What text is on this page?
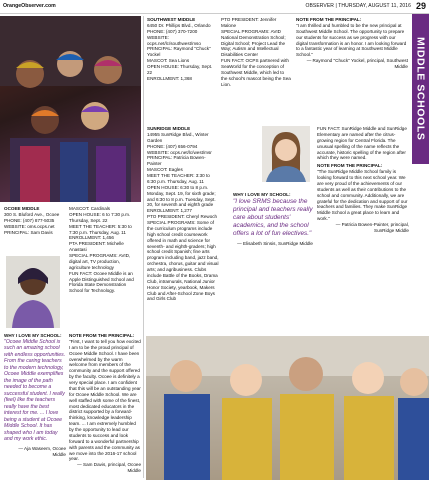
OrangeObserver.com	OBSERVER | THURSDAY, AUGUST 11, 2016 29
MIDDLE SCHOOLS

OCOEE MIDDLE

300 S. Bluford Ave., Ocoee

PHONE: (407) 877-5035

WEBSITE: oms.ocps.net

PRINCIPAL: Sam Davis

MASCOT: Cardinals

OPEN HOUSE: 6 to 7:30 p.m. Thursday, Sept. 22

MEET THE TEACHER: 5:30 to 7:30 p.m. Thursday, Aug. 11

ENROLLMENT: 1,456

PTA PRESIDENT: Michelle Anastasi

SPECIAL PROGRAMS: AVID, digital art, TV production, agriculture technology

FUN FACT: Ocoee Middle is an Apple Distinguished School and Florida State Demonstration School for Technology.

WHY I LOVE MY SCHOOL:

"Ocoee Middle School is such an amazing school with endless opportunities. From the caring teachers to the modern technology, Ocoee Middle exemplifies the image of the path needed to become a successful student. I really (feel) like the teachers really have the best interest for me. ... I love being a student at Ocoee Middle School. It has shaped who I am today and my work ethic.

— Aja Waseem, Ocoee Middle

NOTE FROM THE PRINCIPAL:

"First, I want to tell you how excited I am to be the proud principal of Ocoee Middle School. I have been overwhelmed by the warm welcome from members of the community and the support offered by the faculty. Ocoee is definitely a very special place. I am confident that this will be an outstanding year for Ocoee Middle School. We are well staffed with some of the finest, most dedicated educators in the district supported by a forward-thinking, knowledge leadership team. ... I am extremely humbled by the opportunity to lead our students to success and look forward to a wonderful partnership with parents and the community as we move into the 2016-17 school year.

— Sam Davis, principal, Ocoee Middle

SOUTHWEST MIDDLE

6450 Dr. Phillips Blvd., Orlando

PHONE: (407) 370-7200

WEBSITE: ocps.net/lc/southwest/mso

PRINCIPAL: Raymond "Chuck" Yockel

MASCOT: Sea Lions

OPEN HOUSE: Thursday, Sept. 22

ENROLLMENT: 1,368

PTO PRESIDENT: Jennifer Malone

SPECIAL PROGRAMS: AVID National Demonstration School; Digital School; Project Lead the Way; Autism and Intellectual Disabilities Center

FUN FACT: OCPS partnered with SeaWorld for the conception of Southwest Middle, which led to the school's mascot being the Sea Lion.

NOTE FROM THE PRINCIPAL:

"I am thrilled and humbled to be the new principal at Southwest Middle School. The opportunity to prepare our students for success as we progress with our digital transformation is an honor. I am looking forward to a fantastic year of learning at Southwest Middle School."

— Raymond "Chuck" Yockel, principal, Southwest Middle

SUNRIDGE MIDDLE

14955 SunRidge Blvd., Winter Garden

PHONE: (407) 656-0794

WEBSITE: ocps.net/lc/west/msr

PRINCIPAL: Patricia Bowen-Painter

MASCOT: Eagles

MEET THE TEACHER: 3:30 to 6:30 p.m. Thursday, Aug. 11

OPEN HOUSE: 6:30 to 8 p.m. Monday, Sept. 19, for sixth grade; and 6:30 to 8 p.m. Tuesday, Sept. 20, for seventh and eighth grade

ENROLLMENT: 1,277

PTO PRESIDENT: Cheryl Rewoch

SPECIAL PROGRAMS: Some of the curriculum programs include high school credit coursework offered in math and science for seventh- and eighth-graders; high school credit Spanish; fine arts program including band, jazz band, orchestra, chorus, guitar and visual arts; and agribusiness. Clubs include Battle of the Books, Drama Club, intramurals, National Junior Honor Society, yearbook, Makers Club and After-School Zone Boys and Girls Club

WHY I LOVE MY SCHOOL:

"I love SRMS because the principal and teachers really care about students' academics, and the school offers a lot of fun electives."

— Elisabeth Sinsis, SunRidge Middle

FUN FACT: SunRidge Middle and SunRidge Elementary are named after the citrus-growing region for Central Florida. The unusual spelling of the name reflects the accurate, historic spelling of the region after which they were named.

NOTE FROM THE PRINCIPAL:

"The SunRidge Middle School family is looking forward to this next school year. We are very proud of the achievements of our students as well as their contributions to the school and community. Additionally, we are grateful for the dedication and support of our teachers and families. They make SunRidge Middle School a great place to learn and work."

— Patricia Bowen-Painter, principal, SunRidge Middle
